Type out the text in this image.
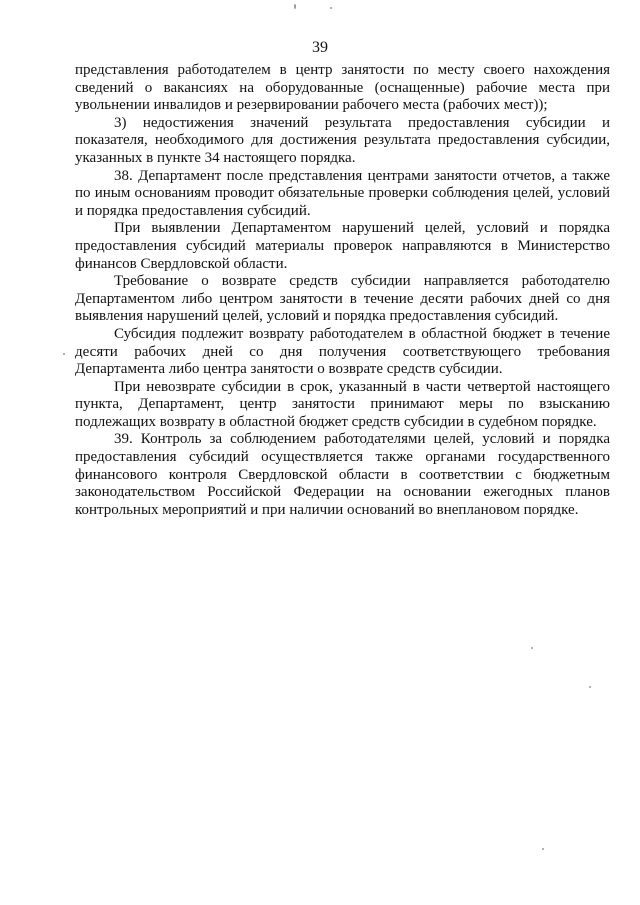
39

представления работодателем в центр занятости по месту своего нахождения сведений о вакансиях на оборудованные (оснащенные) рабочие места при увольнении инвалидов и резервировании рабочего места (рабочих мест));

3) недостижения значений результата предоставления субсидии и показателя, необходимого для достижения результата предоставления субсидии, указанных в пункте 34 настоящего порядка.

38. Департамент после представления центрами занятости отчетов, а также по иным основаниям проводит обязательные проверки соблюдения целей, условий и порядка предоставления субсидий.

При выявлении Департаментом нарушений целей, условий и порядка предоставления субсидий материалы проверок направляются в Министерство финансов Свердловской области.

Требование о возврате средств субсидии направляется работодателю Департаментом либо центром занятости в течение десяти рабочих дней со дня выявления нарушений целей, условий и порядка предоставления субсидий.

Субсидия подлежит возврату работодателем в областной бюджет в течение десяти рабочих дней со дня получения соответствующего требования Департамента либо центра занятости о возврате средств субсидии.

При невозврате субсидии в срок, указанный в части четвертой настоящего пункта, Департамент, центр занятости принимают меры по взысканию подлежащих возврату в областной бюджет средств субсидии в судебном порядке.

39. Контроль за соблюдением работодателями целей, условий и порядка предоставления субсидий осуществляется также органами государственного финансового контроля Свердловской области в соответствии с бюджетным законодательством Российской Федерации на основании ежегодных планов контрольных мероприятий и при наличии оснований во внеплановом порядке.
